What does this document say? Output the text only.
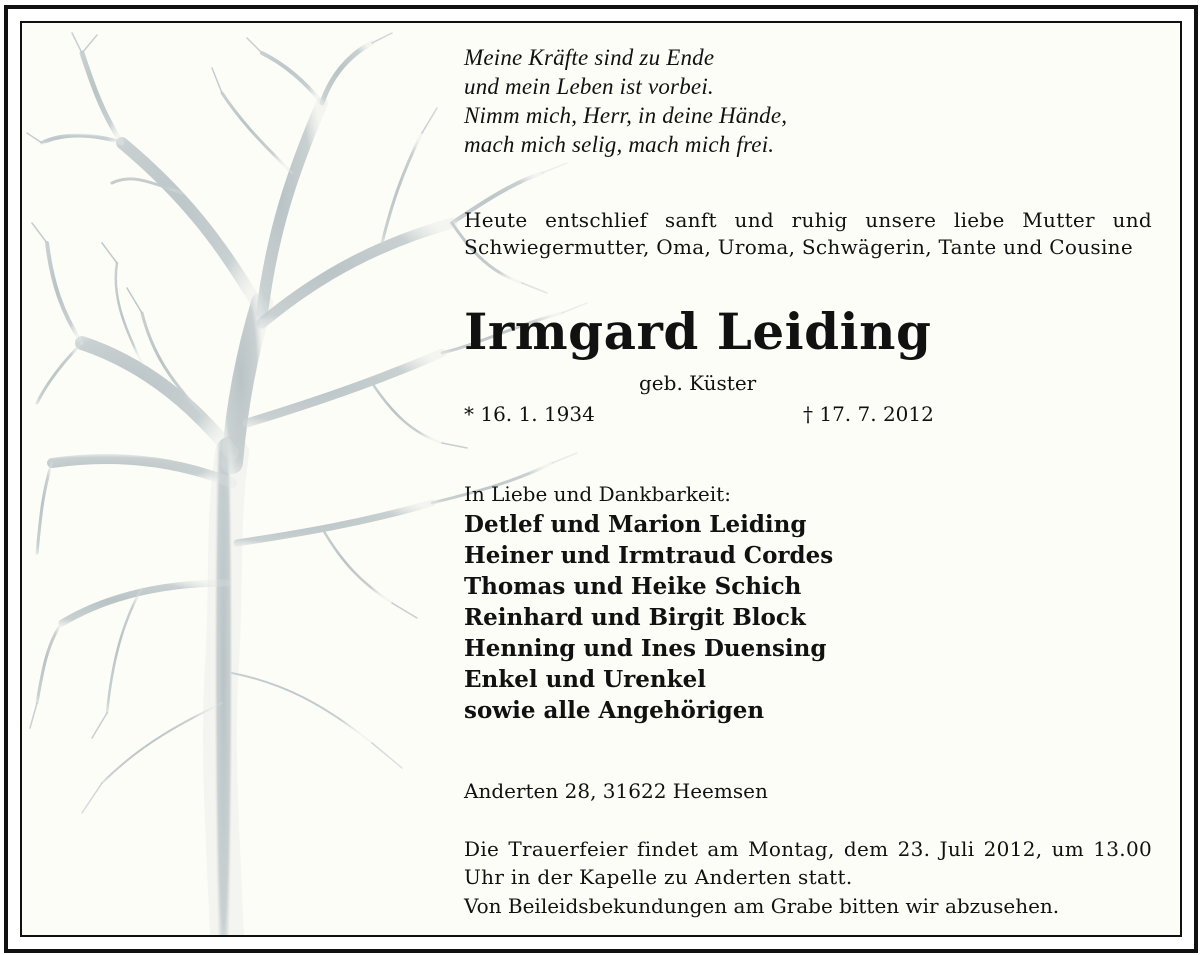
Meine Kräfte sind zu Ende
und mein Leben ist vorbei.
Nimm mich, Herr, in deine Hände,
mach mich selig, mach mich frei.
Heute entschlief sanft und ruhig unsere liebe Mutter und Schwiegermutter, Oma, Uroma, Schwägerin, Tante und Cousine
Irmgard Leiding
geb. Küster
* 16. 1. 1934	† 17. 7. 2012
In Liebe und Dankbarkeit:
Detlef und Marion Leiding
Heiner und Irmtraud Cordes
Thomas und Heike Schich
Reinhard und Birgit Block
Henning und Ines Duensing
Enkel und Urenkel
sowie alle Angehörigen
Anderten 28, 31622 Heemsen
Die Trauerfeier findet am Montag, dem 23. Juli 2012, um 13.00 Uhr in der Kapelle zu Anderten statt.
Von Beileidsbekundungen am Grabe bitten wir abzusehen.
